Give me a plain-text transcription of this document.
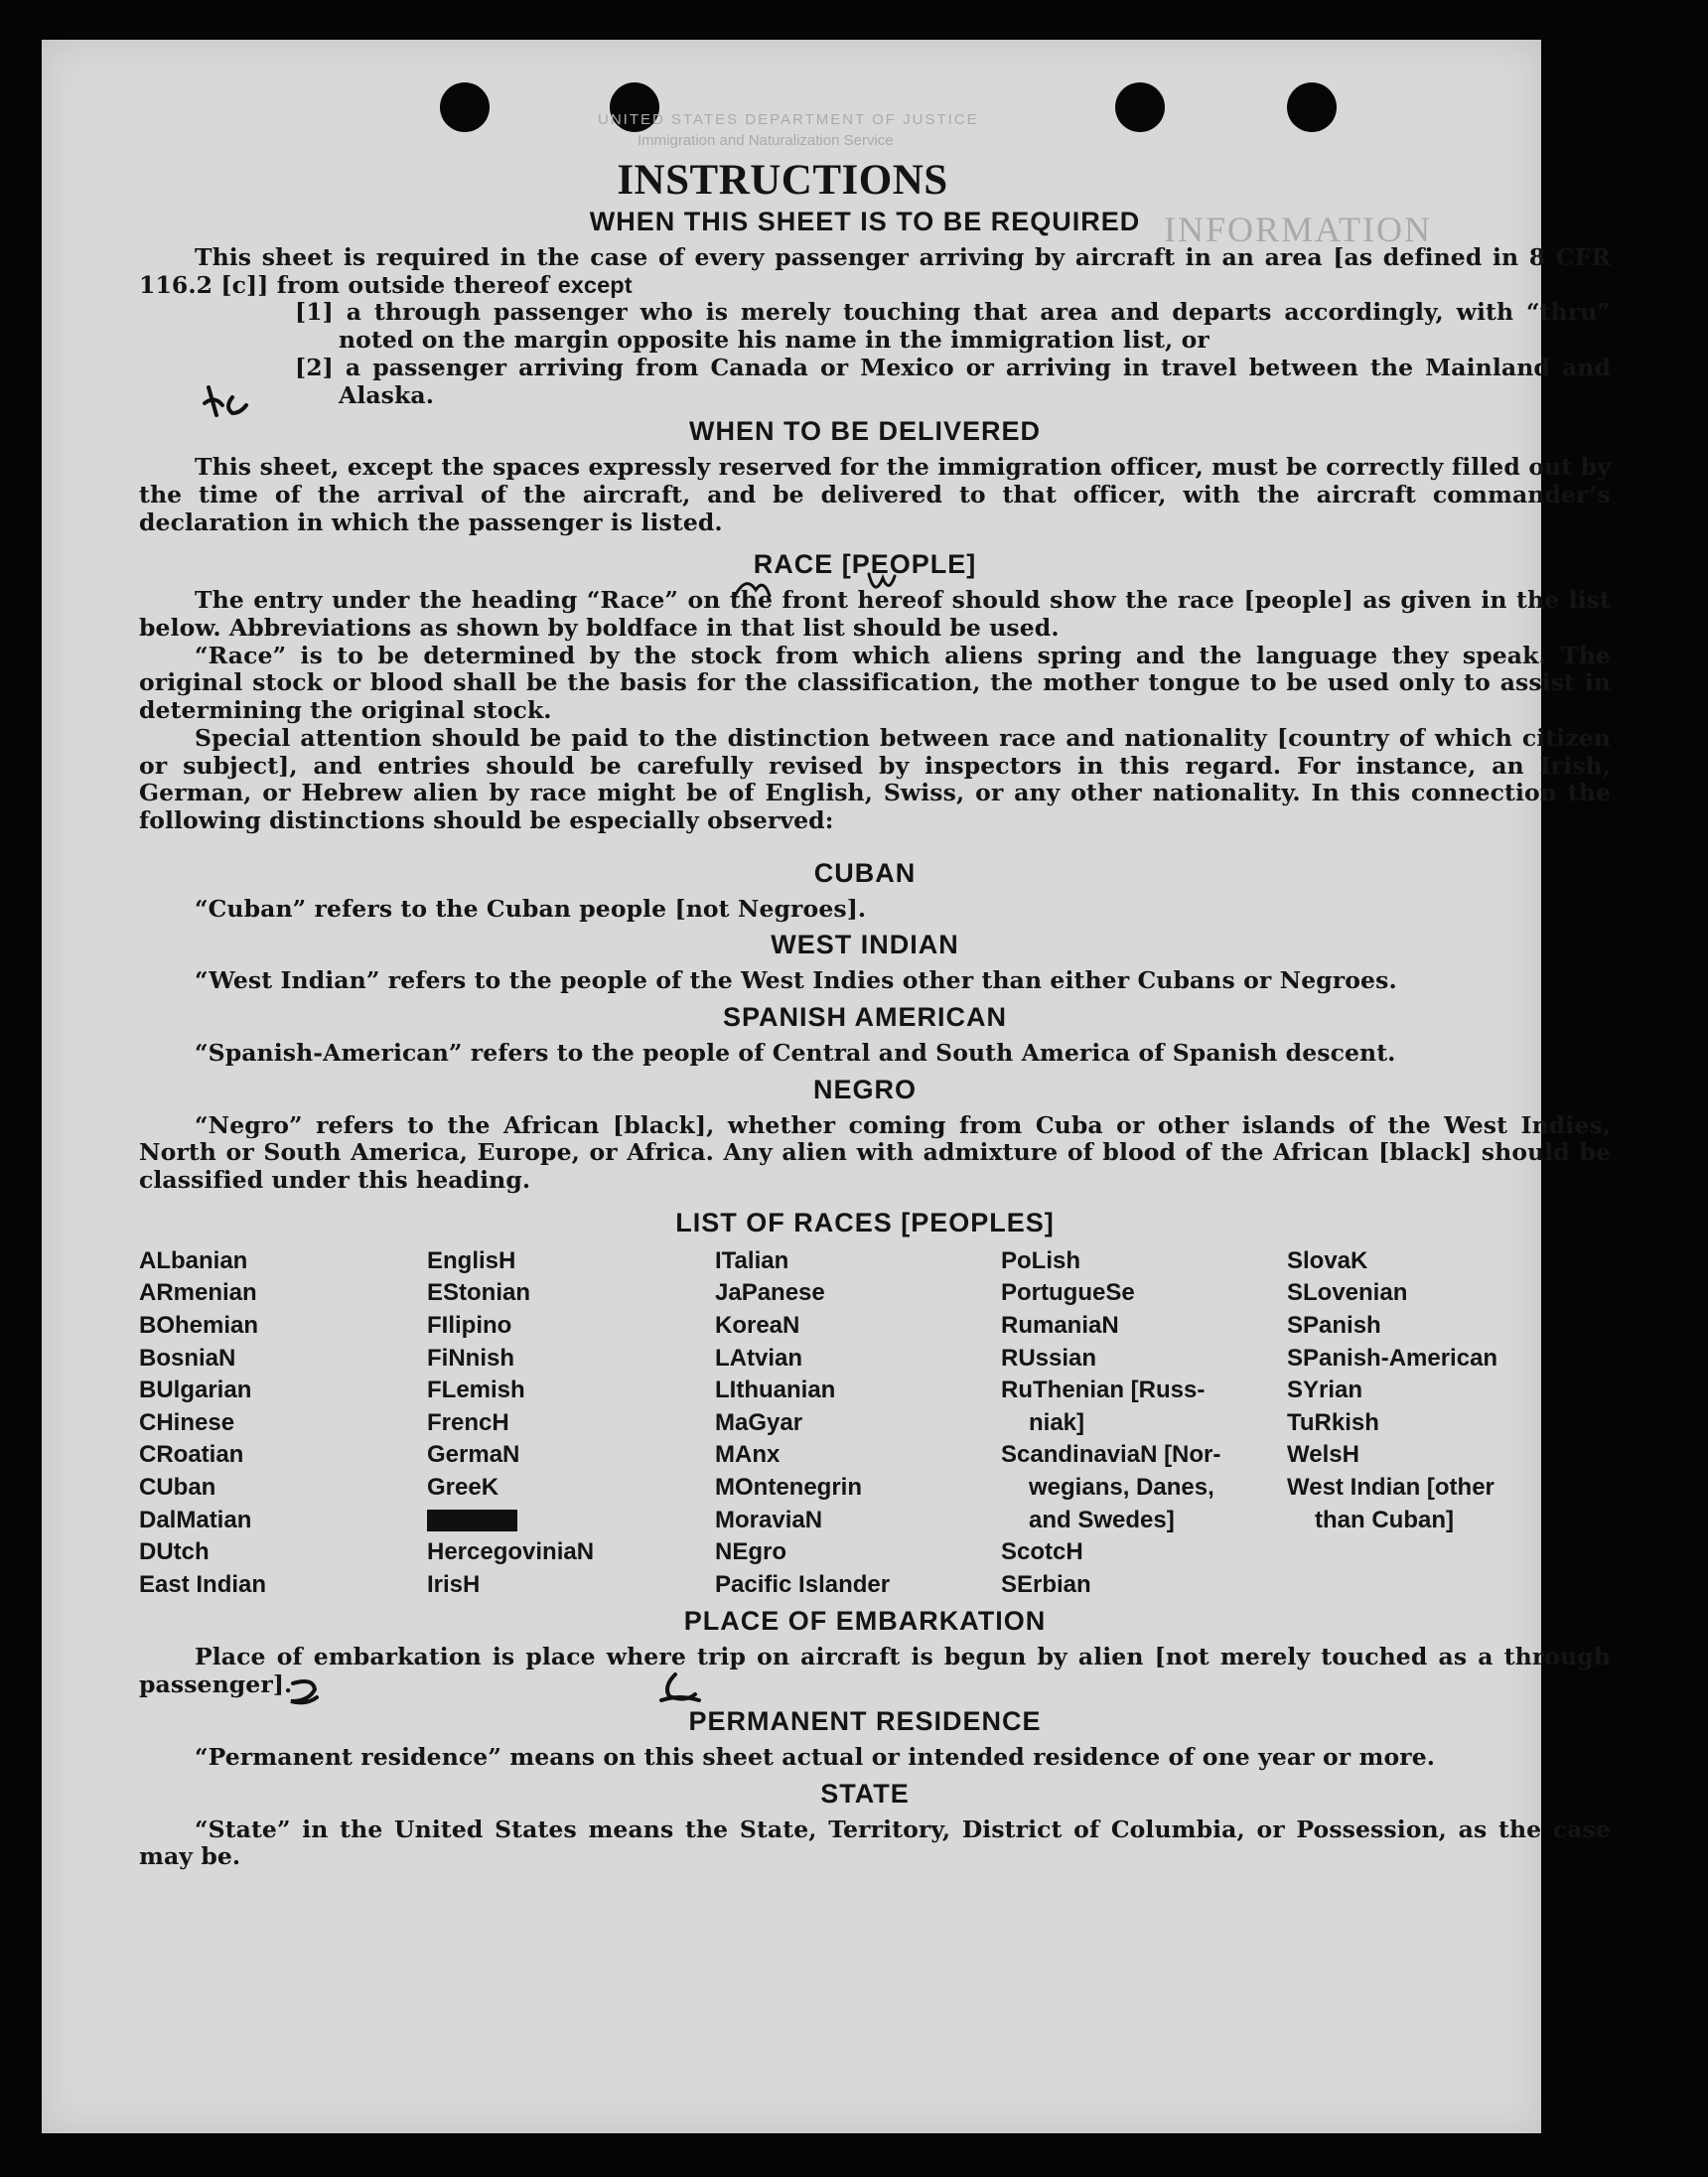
UNITED STATES DEPARTMENT OF JUSTICE
Immigration and Naturalization Service
INFORMATION
INSTRUCTIONS
WHEN THIS SHEET IS TO BE REQUIRED

This sheet is required in the case of every passenger arriving by aircraft in an area [as defined in 8 CFR 116.2 [c]] from outside thereof except

[1] a through passenger who is merely touching that area and departs accordingly, with “thru” noted on the margin opposite his name in the immigration list, or

[2] a passenger arriving from Canada or Mexico or arriving in travel between the Mainland and Alaska.

WHEN TO BE DELIVERED

This sheet, except the spaces expressly reserved for the immigration officer, must be correctly filled out by the time of the arrival of the aircraft, and be delivered to that officer, with the aircraft commander’s declaration in which the passenger is listed.

RACE [PEOPLE]

The entry under the heading “Race” on the front hereof should show the race [people] as given in the list below. Abbreviations as shown by boldface in that list should be used.

“Race” is to be determined by the stock from which aliens spring and the language they speak. The original stock or blood shall be the basis for the classification, the mother tongue to be used only to assist in determining the original stock.

Special attention should be paid to the distinction between race and nationality [country of which citizen or subject], and entries should be carefully revised by inspectors in this regard. For instance, an Irish, German, or Hebrew alien by race might be of English, Swiss, or any other nationality. In this connection the following distinctions should be especially observed:

CUBAN

“Cuban” refers to the Cuban people [not Negroes].

WEST INDIAN

“West Indian” refers to the people of the West Indies other than either Cubans or Negroes.

SPANISH AMERICAN

“Spanish-American” refers to the people of Central and South America of Spanish descent.

NEGRO

“Negro” refers to the African [black], whether coming from Cuba or other islands of the West Indies, North or South America, Europe, or Africa. Any alien with admixture of blood of the African [black] should be classified under this heading.

LIST OF RACES [PEOPLES]
ALbanian
ARmenian
BOhemian
BosniaN
BUlgarian
CHinese
CRoatian
CUban
DalMatian
DUtch
East Indian
EnglisH
EStonian
FIlipino
FiNnish
FLemish
FrencH
GermaN
GreeK
HebreW
HercegoviniaN
IrisH
ITalian
JaPanese
KoreaN
LAtvian
LIthuanian
MaGyar
MAnx
MOntenegrin
MoraviaN
NEgro
Pacific Islander
PoLish
PortugueSe
RumaniaN
RUssian
RuThenian [Russ-
niak]
ScandinaviaN [Nor-
wegians, Danes,
and Swedes]
ScotcH
SErbian
SlovaK
SLovenian
SPanish
SPanish-American
SYrian
TuRkish
WelsH
West Indian [other
than Cuban]
PLACE OF EMBARKATION

Place of embarkation is place where trip on aircraft is begun by alien [not merely touched as a through passenger].

PERMANENT RESIDENCE

“Permanent residence” means on this sheet actual or intended residence of one year or more.

STATE

“State” in the United States means the State, Territory, District of Columbia, or Possession, as the case may be.
